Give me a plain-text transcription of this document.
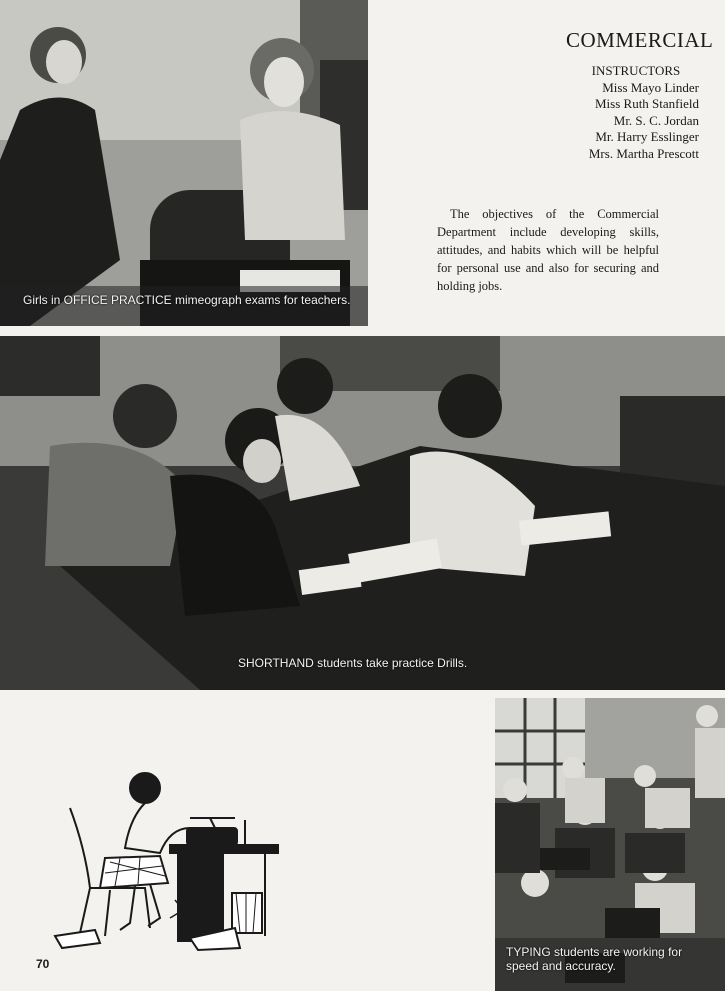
Girls in OFFICE PRACTICE mimeograph exams for teachers.
COMMERCIAL
INSTRUCTORS
Miss Mayo Linder
Miss Ruth Stanfield
Mr. S. C. Jordan
Mr. Harry Esslinger
Mrs. Martha Prescott
The objectives of the Commercial Department include developing skills, attitudes, and habits which will be helpful for personal use and also for securing and holding jobs.
SHORTHAND students take practice Drills.
TYPING students are working for speed and accuracy.
70
